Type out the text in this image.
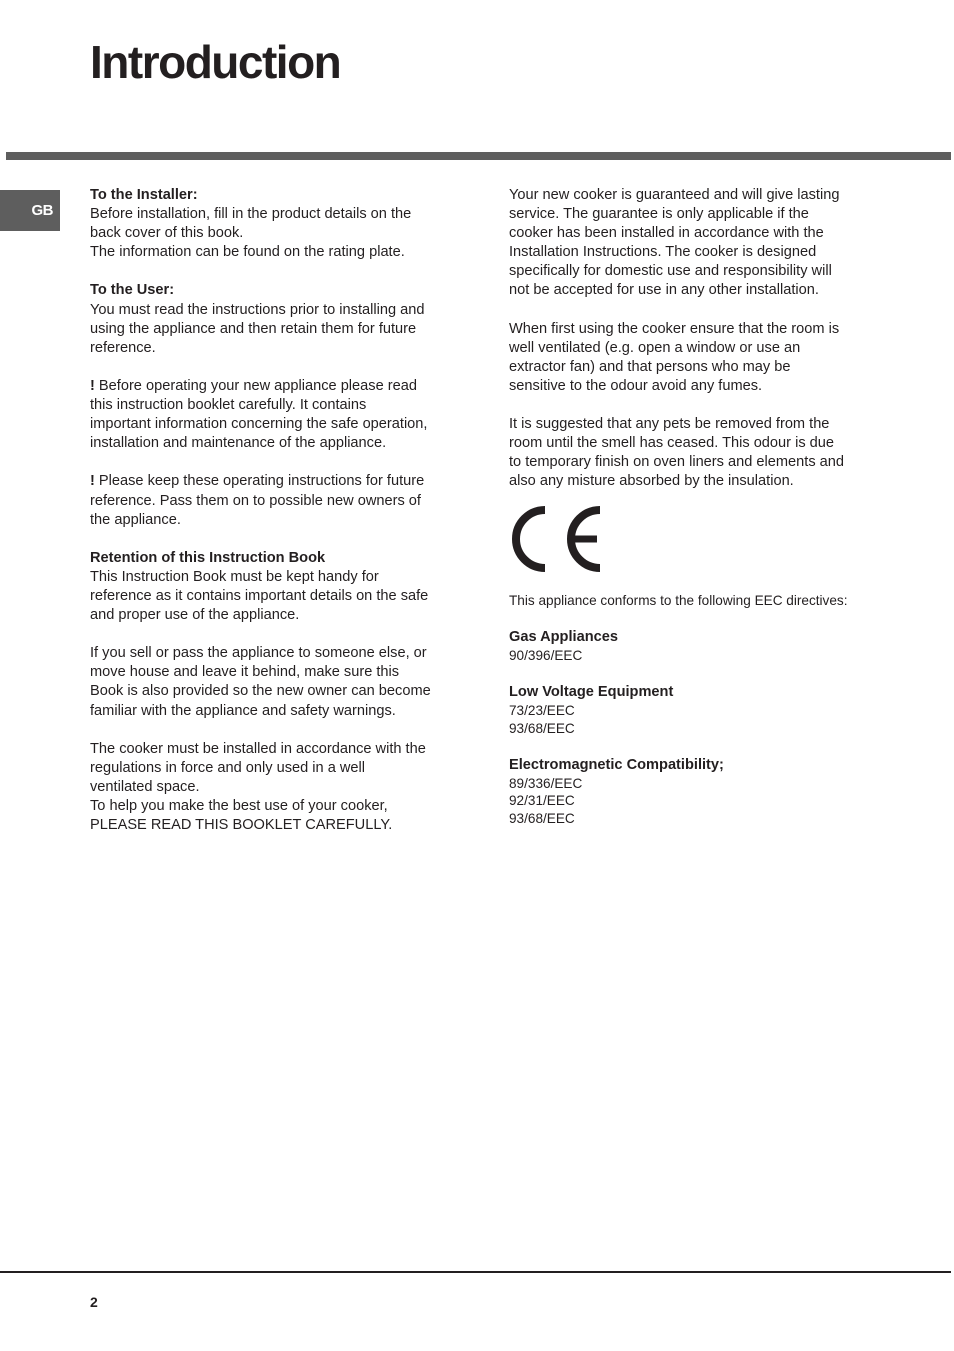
Introduction
GB

To the Installer:
Before installation, fill in the product details on the
back cover of this book.
The information can be found on the rating plate.

To the User:
You must read the instructions prior to installing and
using the appliance and then retain them for future
reference.

! Before operating your new appliance please read
this instruction booklet carefully. It contains
important information concerning the safe operation,
installation and maintenance of the appliance.

! Please keep these operating instructions for future
reference. Pass them on to possible new owners of
the appliance.

Retention of this Instruction Book
This Instruction Book must be kept handy for
reference as it contains important details on the safe
and proper use of the appliance.

If you sell or pass the appliance to someone else, or
move house and leave it behind, make sure this
Book is also provided so the new owner can become
familiar with the appliance and safety warnings.

The cooker must be installed in accordance with the
regulations in force and only used in a well
ventilated space.
To help you make the best use of your cooker,
PLEASE READ THIS BOOKLET CAREFULLY.

Your new cooker is guaranteed and will give lasting
service. The guarantee is only applicable if the
cooker has been installed in accordance with the
Installation Instructions. The cooker is designed
specifically for domestic use and responsibility will
not be accepted for use in any other installation.

When first using the cooker ensure that the room is
well ventilated (e.g. open a window or use an
extractor fan) and that persons who may be
sensitive to the odour avoid any fumes.

It is suggested that any pets be removed from the
room until the smell has ceased. This odour is due
to temporary finish on oven liners and elements and
also any misture absorbed by the insulation.

This appliance conforms to the following EEC directives:
Gas Appliances
90/396/EEC
Low Voltage Equipment
73/23/EEC
93/68/EEC
Electromagnetic Compatibility;
89/336/EEC
92/31/EEC
93/68/EEC
2
